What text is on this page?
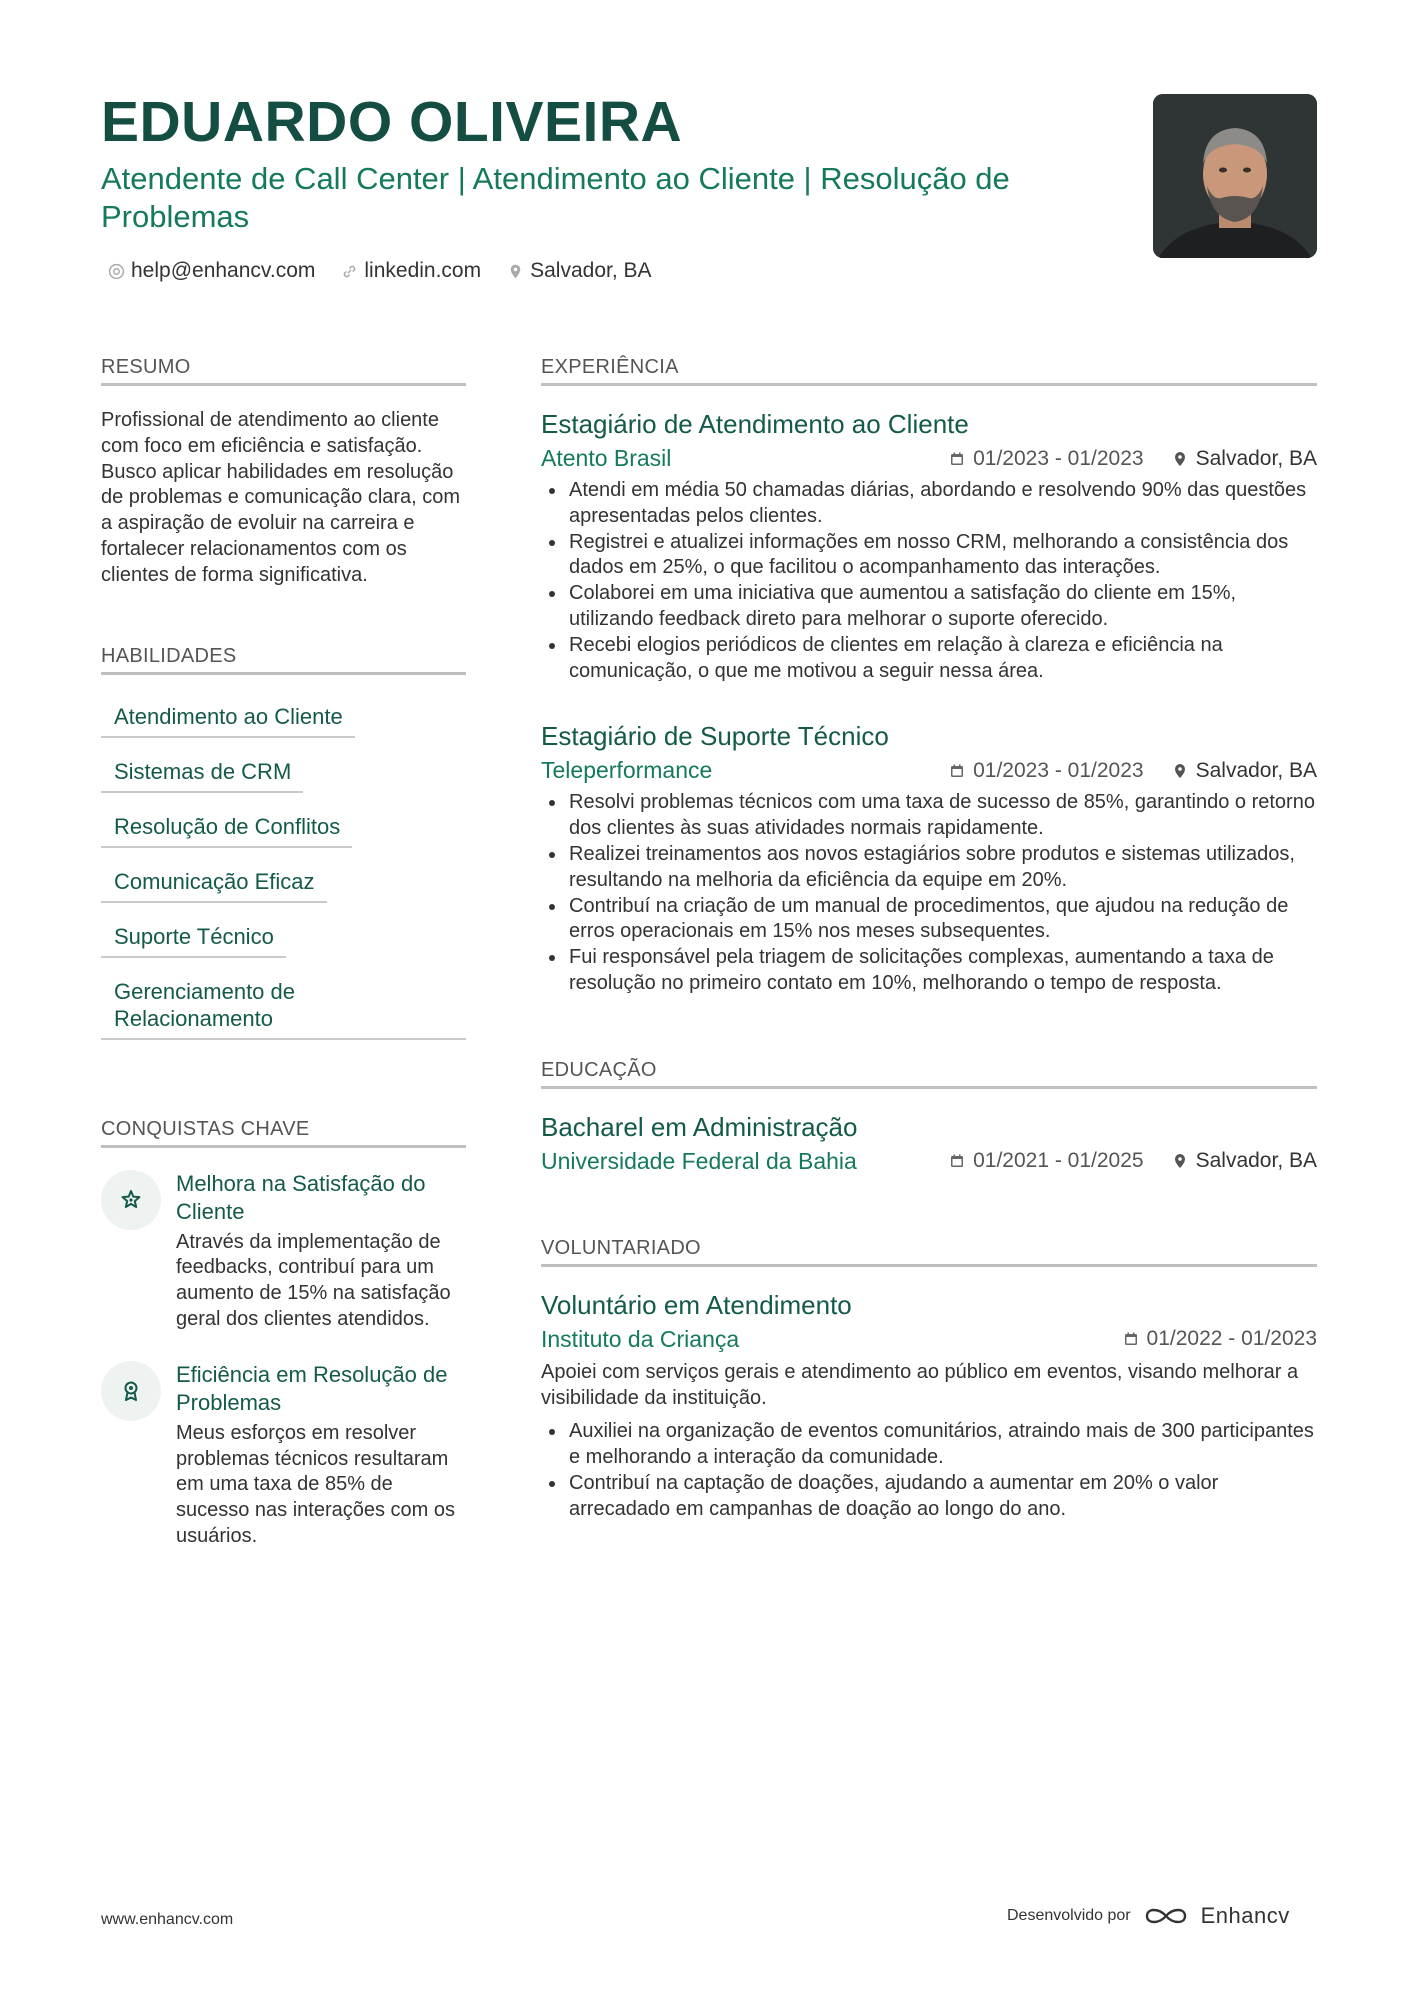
EDUARDO OLIVEIRA
Atendente de Call Center | Atendimento ao Cliente | Resolução de Problemas
help@enhancv.com linkedin.com Salvador, BA
RESUMO
Profissional de atendimento ao cliente com foco em eficiência e satisfação. Busco aplicar habilidades em resolução de problemas e comunicação clara, com a aspiração de evoluir na carreira e fortalecer relacionamentos com os clientes de forma significativa.
HABILIDADES
Atendimento ao Cliente
Sistemas de CRM
Resolução de Conflitos
Comunicação Eficaz
Suporte Técnico
Gerenciamento de Relacionamento
CONQUISTAS CHAVE
Melhora na Satisfação do Cliente
Através da implementação de feedbacks, contribuí para um aumento de 15% na satisfação geral dos clientes atendidos.
Eficiência em Resolução de Problemas
Meus esforços em resolver problemas técnicos resultaram em uma taxa de 85% de sucesso nas interações com os usuários.
EXPERIÊNCIA
Estagiário de Atendimento ao Cliente
Atento Brasil	01/2023 - 01/2023 Salvador, BA
Atendi em média 50 chamadas diárias, abordando e resolvendo 90% das questões apresentadas pelos clientes.
Registrei e atualizei informações em nosso CRM, melhorando a consistência dos dados em 25%, o que facilitou o acompanhamento das interações.
Colaborei em uma iniciativa que aumentou a satisfação do cliente em 15%, utilizando feedback direto para melhorar o suporte oferecido.
Recebi elogios periódicos de clientes em relação à clareza e eficiência na comunicação, o que me motivou a seguir nessa área.
Estagiário de Suporte Técnico
Teleperformance	01/2023 - 01/2023 Salvador, BA
Resolvi problemas técnicos com uma taxa de sucesso de 85%, garantindo o retorno dos clientes às suas atividades normais rapidamente.
Realizei treinamentos aos novos estagiários sobre produtos e sistemas utilizados, resultando na melhoria da eficiência da equipe em 20%.
Contribuí na criação de um manual de procedimentos, que ajudou na redução de erros operacionais em 15% nos meses subsequentes.
Fui responsável pela triagem de solicitações complexas, aumentando a taxa de resolução no primeiro contato em 10%, melhorando o tempo de resposta.
EDUCAÇÃO
Bacharel em Administração
Universidade Federal da Bahia	01/2021 - 01/2025 Salvador, BA
VOLUNTARIADO
Voluntário em Atendimento
Instituto da Criança	01/2022 - 01/2023
Apoiei com serviços gerais e atendimento ao público em eventos, visando melhorar a visibilidade da instituição.
Auxiliei na organização de eventos comunitários, atraindo mais de 300 participantes e melhorando a interação da comunidade.
Contribuí na captação de doações, ajudando a aumentar em 20% o valor arrecadado em campanhas de doação ao longo do ano.
www.enhancv.com	Desenvolvido por	Enhancv
